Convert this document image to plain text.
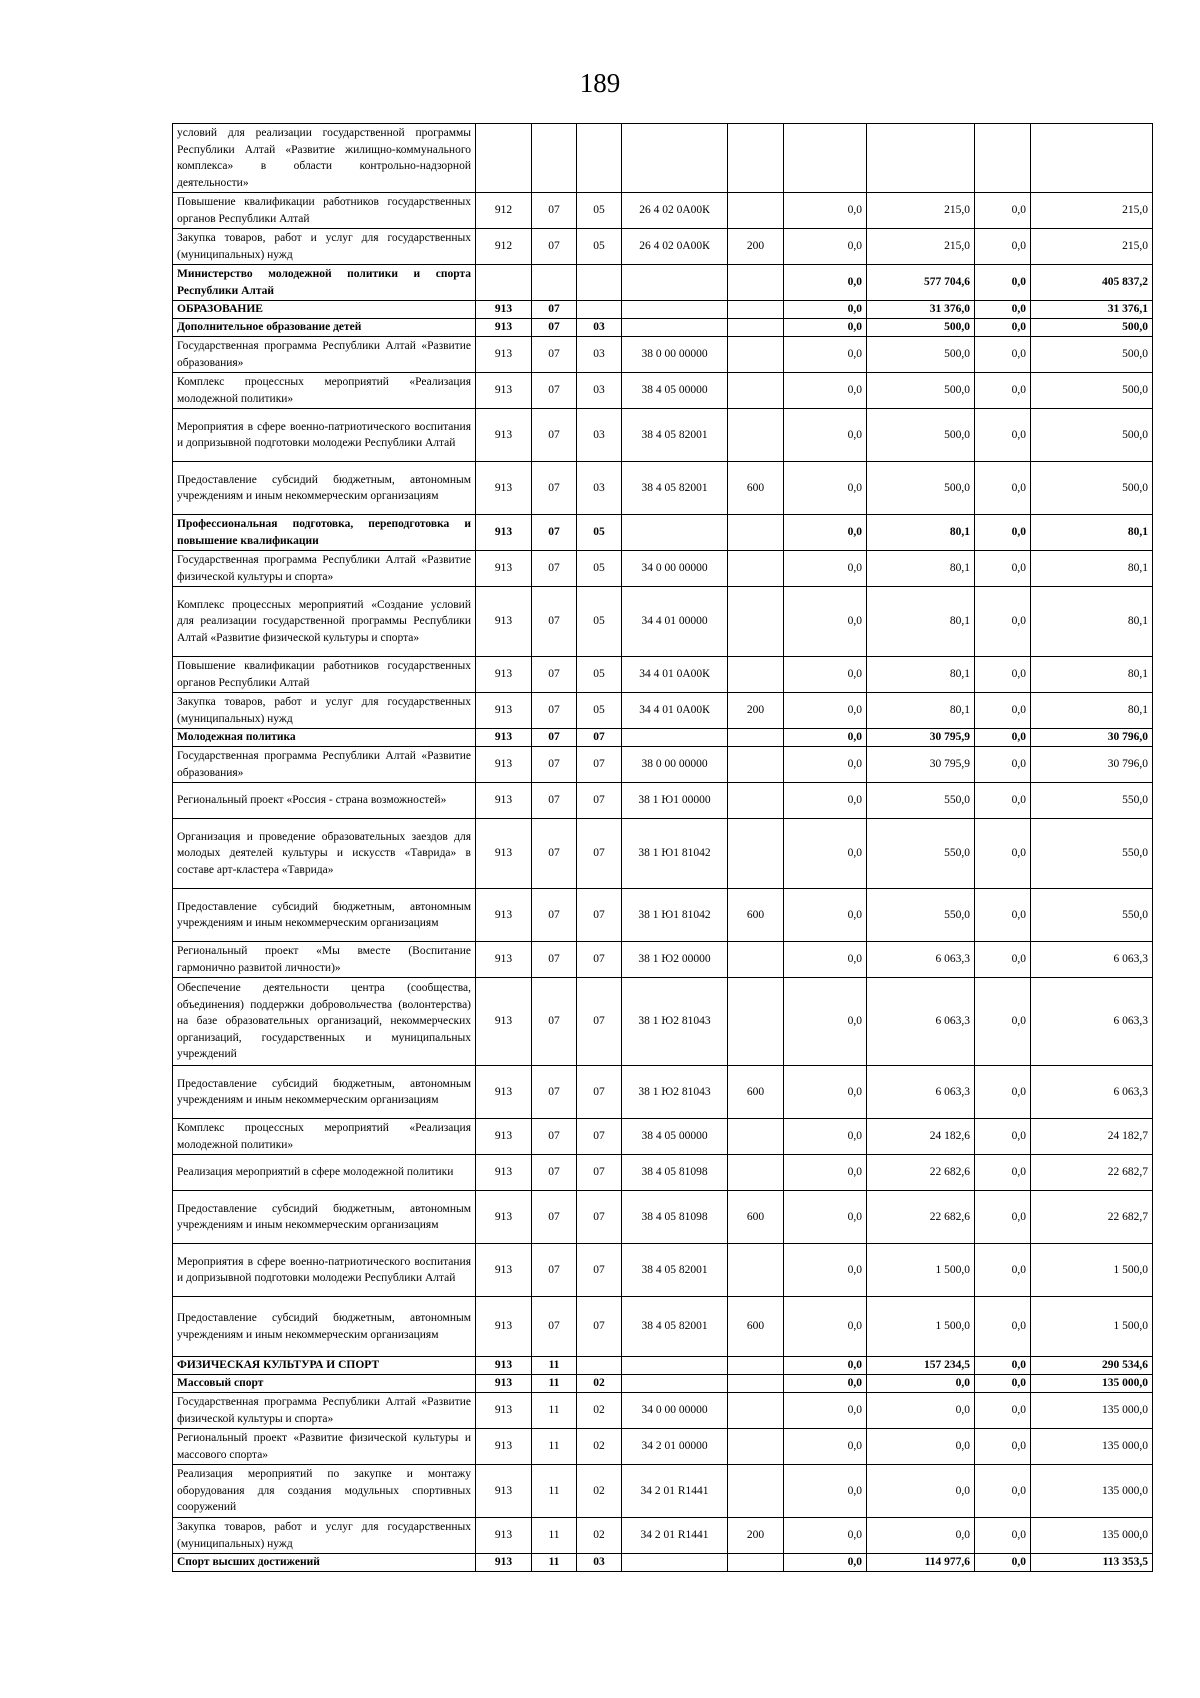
189
условий для реализации государственной программы Республики Алтай «Развитие жилищно-коммунального комплекса» в области контрольно-надзорной деятельности»									
Повышение квалификации работников государственных органов Республики Алтай	912	07	05	26 4 02 0А00К		0,0	215,0	0,0	215,0
Закупка товаров, работ и услуг для государственных (муниципальных) нужд	912	07	05	26 4 02 0А00К	200	0,0	215,0	0,0	215,0
Министерство молодежной политики и спорта Республики Алтай						0,0	577 704,6	0,0	405 837,2
ОБРАЗОВАНИЕ	913	07				0,0	31 376,0	0,0	31 376,1
Дополнительное образование детей	913	07	03			0,0	500,0	0,0	500,0
Государственная программа Республики Алтай «Развитие образования»	913	07	03	38 0 00 00000		0,0	500,0	0,0	500,0
Комплекс процессных мероприятий «Реализация молодежной политики»	913	07	03	38 4 05 00000		0,0	500,0	0,0	500,0
Мероприятия в сфере военно-патриотического воспитания и допризывной подготовки молодежи Республики Алтай	913	07	03	38 4 05 82001		0,0	500,0	0,0	500,0
Предоставление субсидий бюджетным, автономным учреждениям и иным некоммерческим организациям	913	07	03	38 4 05 82001	600	0,0	500,0	0,0	500,0
Профессиональная подготовка, переподготовка и повышение квалификации	913	07	05			0,0	80,1	0,0	80,1
Государственная программа Республики Алтай «Развитие физической культуры и спорта»	913	07	05	34 0 00 00000		0,0	80,1	0,0	80,1
Комплекс процессных мероприятий «Создание условий для реализации государственной программы Республики Алтай «Развитие физической культуры и спорта»	913	07	05	34 4 01 00000		0,0	80,1	0,0	80,1
Повышение квалификации работников государственных органов Республики Алтай	913	07	05	34 4 01 0А00К		0,0	80,1	0,0	80,1
Закупка товаров, работ и услуг для государственных (муниципальных) нужд	913	07	05	34 4 01 0А00К	200	0,0	80,1	0,0	80,1
Молодежная политика	913	07	07			0,0	30 795,9	0,0	30 796,0
Государственная программа Республики Алтай «Развитие образования»	913	07	07	38 0 00 00000		0,0	30 795,9	0,0	30 796,0
Региональный проект «Россия - страна возможностей»	913	07	07	38 1 Ю1 00000		0,0	550,0	0,0	550,0
Организация и проведение образовательных заездов для молодых деятелей культуры и искусств «Таврида» в составе арт-кластера «Таврида»	913	07	07	38 1 Ю1 81042		0,0	550,0	0,0	550,0
Предоставление субсидий бюджетным, автономным учреждениям и иным некоммерческим организациям	913	07	07	38 1 Ю1 81042	600	0,0	550,0	0,0	550,0
Региональный проект «Мы вместе (Воспитание гармонично развитой личности)»	913	07	07	38 1 Ю2 00000		0,0	6 063,3	0,0	6 063,3
Обеспечение деятельности центра (сообщества, объединения) поддержки добровольчества (волонтерства) на базе образовательных организаций, некоммерческих организаций, государственных и муниципальных учреждений	913	07	07	38 1 Ю2 81043		0,0	6 063,3	0,0	6 063,3
Предоставление субсидий бюджетным, автономным учреждениям и иным некоммерческим организациям	913	07	07	38 1 Ю2 81043	600	0,0	6 063,3	0,0	6 063,3
Комплекс процессных мероприятий «Реализация молодежной политики»	913	07	07	38 4 05 00000		0,0	24 182,6	0,0	24 182,7
Реализация мероприятий в сфере молодежной политики	913	07	07	38 4 05 81098		0,0	22 682,6	0,0	22 682,7
Предоставление субсидий бюджетным, автономным учреждениям и иным некоммерческим организациям	913	07	07	38 4 05 81098	600	0,0	22 682,6	0,0	22 682,7
Мероприятия в сфере военно-патриотического воспитания и допризывной подготовки молодежи Республики Алтай	913	07	07	38 4 05 82001		0,0	1 500,0	0,0	1 500,0
Предоставление субсидий бюджетным, автономным учреждениям и иным некоммерческим организациям	913	07	07	38 4 05 82001	600	0,0	1 500,0	0,0	1 500,0
ФИЗИЧЕСКАЯ КУЛЬТУРА И СПОРТ	913	11				0,0	157 234,5	0,0	290 534,6
Массовый спорт	913	11	02			0,0	0,0	0,0	135 000,0
Государственная программа Республики Алтай «Развитие физической культуры и спорта»	913	11	02	34 0 00 00000		0,0	0,0	0,0	135 000,0
Региональный проект «Развитие физической культуры и массового спорта»	913	11	02	34 2 01 00000		0,0	0,0	0,0	135 000,0
Реализация мероприятий по закупке и монтажу оборудования для создания модульных спортивных сооружений	913	11	02	34 2 01 R1441		0,0	0,0	0,0	135 000,0
Закупка товаров, работ и услуг для государственных (муниципальных) нужд	913	11	02	34 2 01 R1441	200	0,0	0,0	0,0	135 000,0
Спорт высших достижений	913	11	03			0,0	114 977,6	0,0	113 353,5
